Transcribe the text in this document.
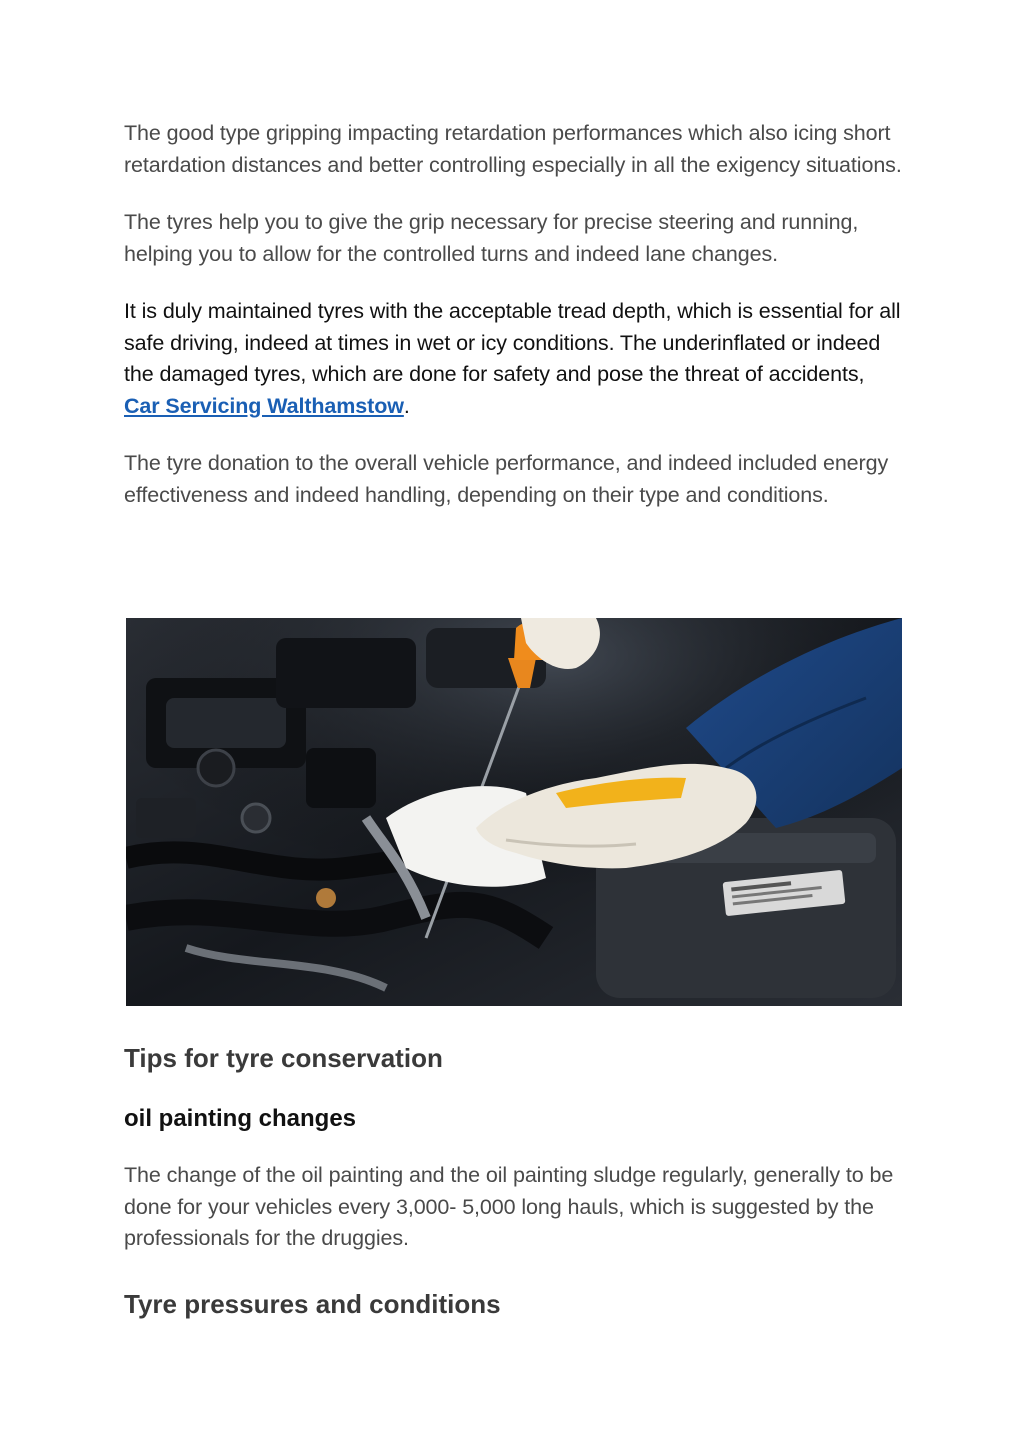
The good type gripping impacting retardation performances which also icing short retardation distances and better controlling especially in all the exigency situations.

The tyres help you to give the grip necessary for precise steering and running, helping you to allow for the controlled turns and indeed lane changes.

It is duly maintained tyres with the acceptable tread depth, which is essential for all safe driving, indeed at times in wet or icy conditions. The underinflated or indeed the damaged tyres, which are done for safety and pose the threat of accidents, Car Servicing Walthamstow.

The tyre donation to the overall vehicle performance, and indeed included energy effectiveness and indeed handling, depending on their type and conditions.

Tips for tyre conservation
oil painting changes

The change of the oil painting and the oil painting sludge regularly, generally to be done for your vehicles every 3,000- 5,000 long hauls, which is suggested by the professionals for the druggies.

Tyre pressures and conditions
